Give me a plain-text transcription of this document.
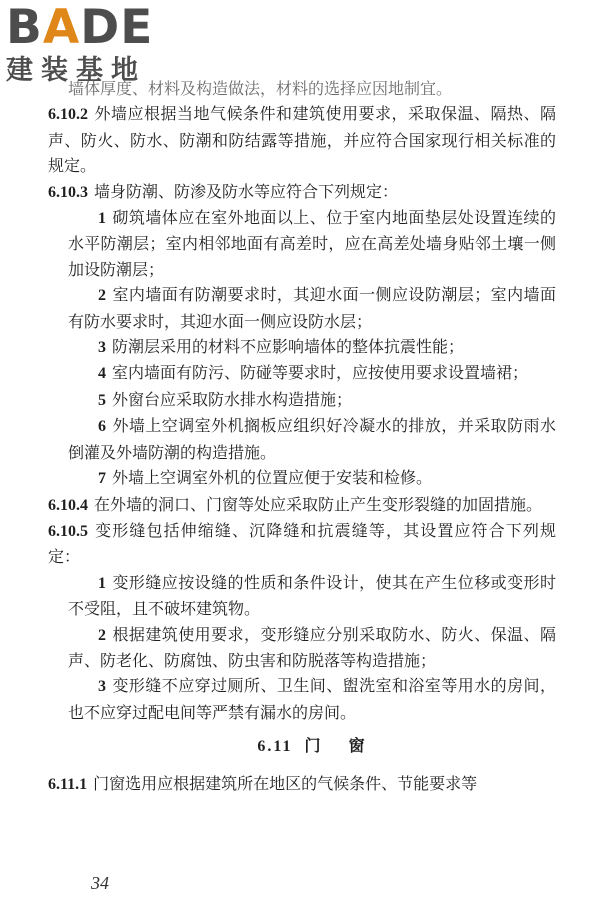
BADE
建装基地

墙体厚度、材料及构造做法，材料的选择应因地制宜。

6.10.2 外墙应根据当地气候条件和建筑使用要求，采取保温、隔热、隔声、防火、防水、防潮和防结露等措施，并应符合国家现行相关标准的规定。

6.10.3 墙身防潮、防渗及防水等应符合下列规定：

1 砌筑墙体应在室外地面以上、位于室内地面垫层处设置连续的水平防潮层；室内相邻地面有高差时，应在高差处墙身贴邻土壤一侧加设防潮层；

2 室内墙面有防潮要求时，其迎水面一侧应设防潮层；室内墙面有防水要求时，其迎水面一侧应设防水层；

3 防潮层采用的材料不应影响墙体的整体抗震性能；

4 室内墙面有防污、防碰等要求时，应按使用要求设置墙裙；

5 外窗台应采取防水排水构造措施；

6 外墙上空调室外机搁板应组织好冷凝水的排放，并采取防雨水倒灌及外墙防潮的构造措施。

7 外墙上空调室外机的位置应便于安装和检修。

6.10.4 在外墙的洞口、门窗等处应采取防止产生变形裂缝的加固措施。

6.10.5 变形缝包括伸缩缝、沉降缝和抗震缝等，其设置应符合下列规定：

1 变形缝应按设缝的性质和条件设计，使其在产生位移或变形时不受阻，且不破坏建筑物。

2 根据建筑使用要求，变形缝应分别采取防水、防火、保温、隔声、防老化、防腐蚀、防虫害和防脱落等构造措施；

3 变形缝不应穿过厕所、卫生间、盥洗室和浴室等用水的房间，也不应穿过配电间等严禁有漏水的房间。

6.11 门 窗

6.11.1 门窗选用应根据建筑所在地区的气候条件、节能要求等

34
